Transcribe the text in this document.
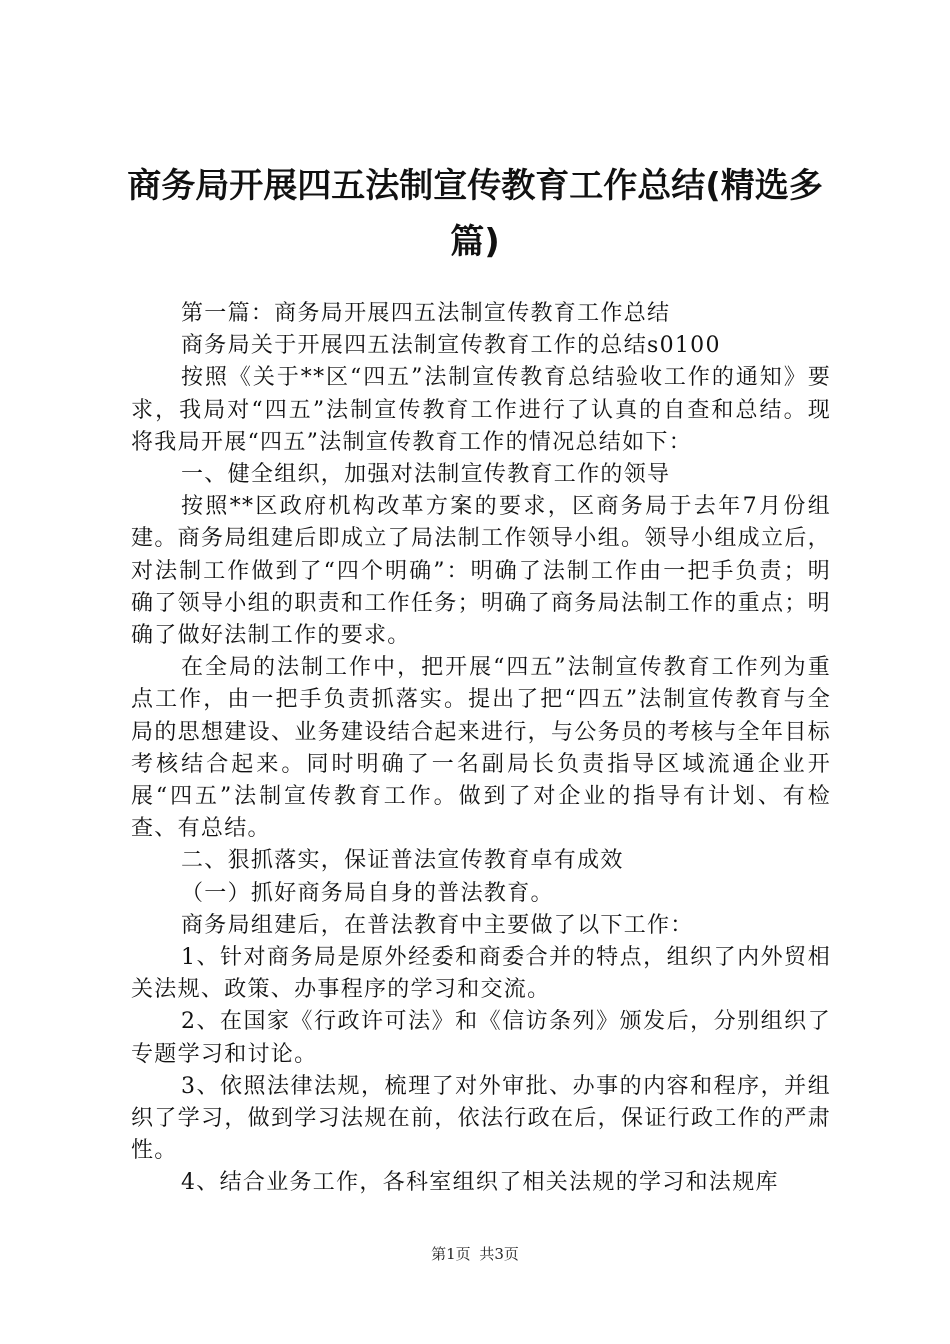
商务局开展四五法制宣传教育工作总结(精选多篇)

第一篇：商务局开展四五法制宣传教育工作总结

商务局关于开展四五法制宣传教育工作的总结s0100

按照《关于**区“四五”法制宣传教育总结验收工作的通知》要求，我局对“四五”法制宣传教育工作进行了认真的自查和总结。现将我局开展“四五”法制宣传教育工作的情况总结如下：

一、健全组织，加强对法制宣传教育工作的领导

按照**区政府机构改革方案的要求，区商务局于去年7月份组建。商务局组建后即成立了局法制工作领导小组。领导小组成立后，对法制工作做到了“四个明确”：明确了法制工作由一把手负责；明确了领导小组的职责和工作任务；明确了商务局法制工作的重点；明确了做好法制工作的要求。

在全局的法制工作中，把开展“四五”法制宣传教育工作列为重点工作，由一把手负责抓落实。提出了把“四五”法制宣传教育与全局的思想建设、业务建设结合起来进行，与公务员的考核与全年目标考核结合起来。同时明确了一名副局长负责指导区域流通企业开展“四五”法制宣传教育工作。做到了对企业的指导有计划、有检查、有总结。

二、狠抓落实，保证普法宣传教育卓有成效

（一）抓好商务局自身的普法教育。

商务局组建后，在普法教育中主要做了以下工作：

1、针对商务局是原外经委和商委合并的特点，组织了内外贸相关法规、政策、办事程序的学习和交流。

2、在国家《行政许可法》和《信访条列》颁发后，分别组织了专题学习和讨论。

3、依照法律法规，梳理了对外审批、办事的内容和程序，并组织了学习，做到学习法规在前，依法行政在后，保证行政工作的严肃性。

4、结合业务工作，各科室组织了相关法规的学习和法规库

第1页 共3页
